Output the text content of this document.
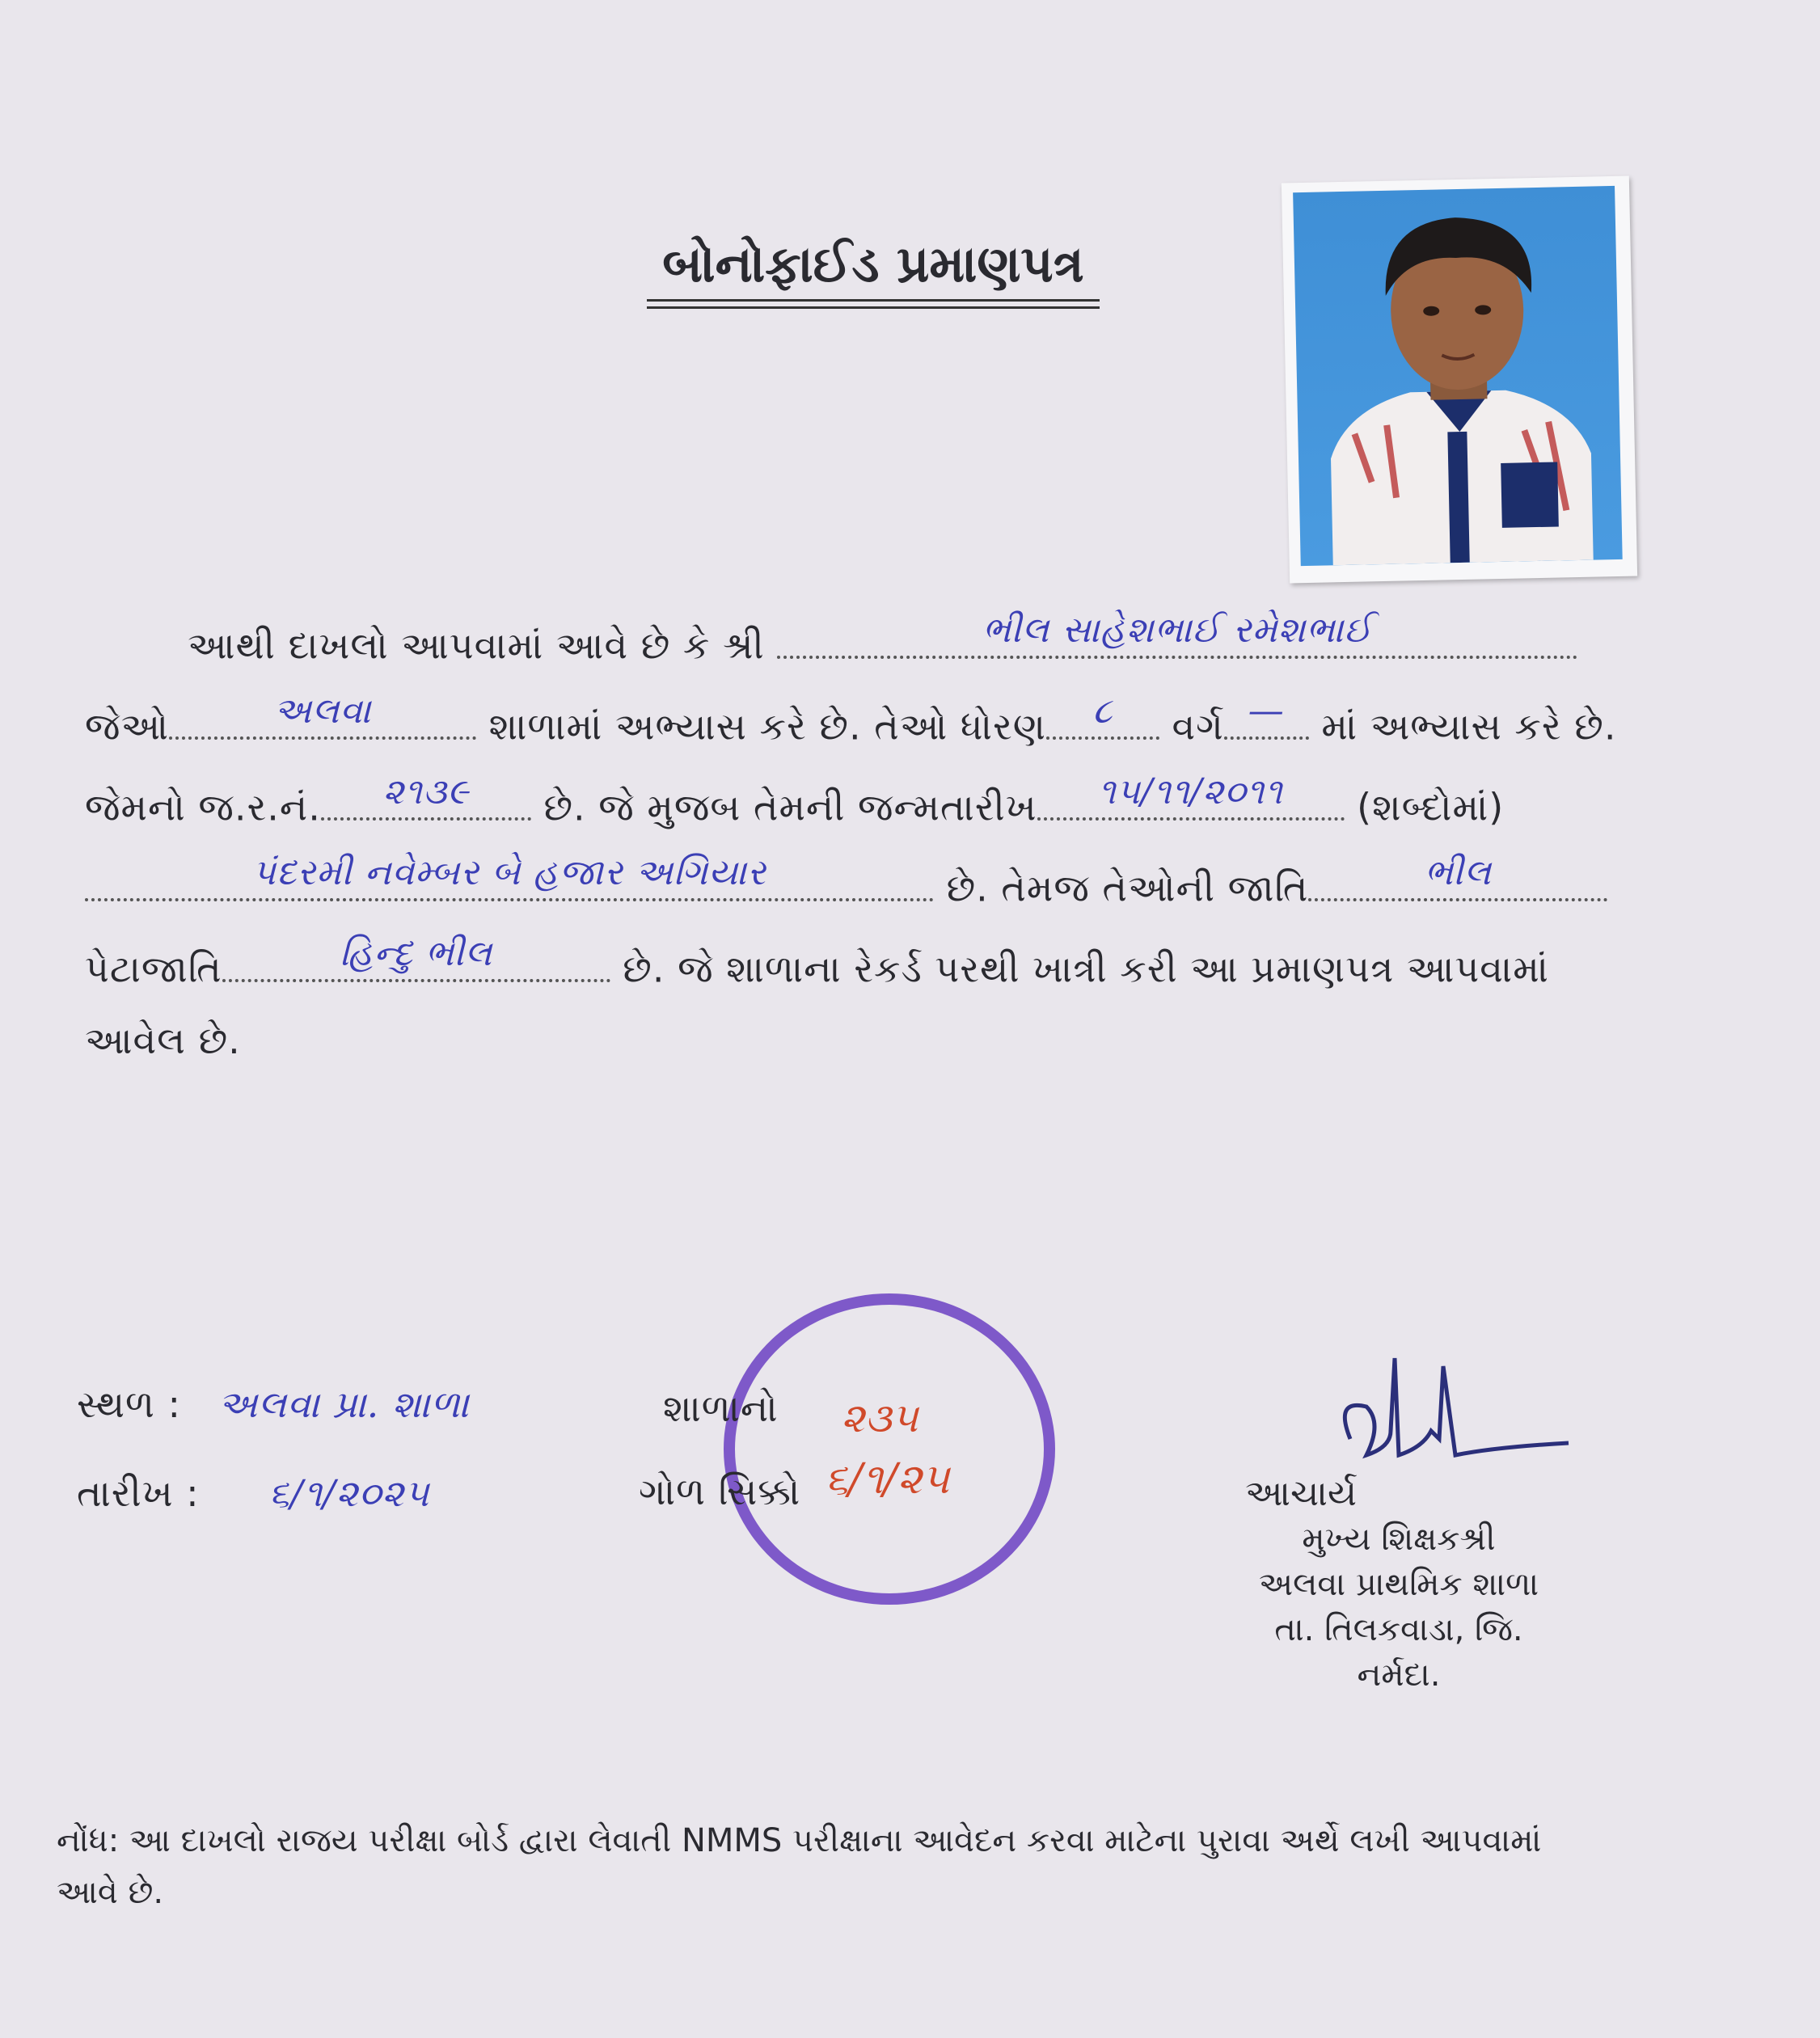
બોનોફાઈડ પ્રમાણપત્ર
આથી દાખલો આપવામાં આવે છે કે શ્રી	ભીલ સાહેશભાઈ રમેશભાઈ
જેઓ	અલવા	શાળામાં અભ્યાસ કરે છે. તેઓ ધોરણ	૮	વર્ગ — માં અભ્યાસ કરે છે.
જેમનો જ.ર.નં.	૨૧૩૯	છે. જે મુજબ તેમની જન્મતારીખ	૧૫/૧૧/૨૦૧૧	(શબ્દોમાં)
પંદરમી નવેમ્બર બે હજાર અગિયાર	છે. તેમજ તેઓની જાતિ	ભીલ
પેટાજાતિ	હિન્દુ ભીલ	છે. જે શાળાના રેકર્ડ પરથી ખાત્રી કરી આ પ્રમાણપત્ર આપવામાં
આવેલ છે.
સ્થળ : અલવા પ્રા. શાળા
તારીખ : ૬/૧/૨૦૨૫
શાળાનો
ગોળ સિક્કો
૨૩૫
૬/૧/૨૫	આચાર્ય
મુખ્ય શિક્ષકશ્રી
અલવા પ્રાથમિક શાળા
તા. તિલકવાડા, જિ. નર્મદા.
નોંધ: આ દાખલો રાજય પરીક્ષા બોર્ડ દ્વારા લેવાતી NMMS પરીક્ષાના આવેદન કરવા માટેના પુરાવા અર્થે લખી આપવામાં આવે છે.
